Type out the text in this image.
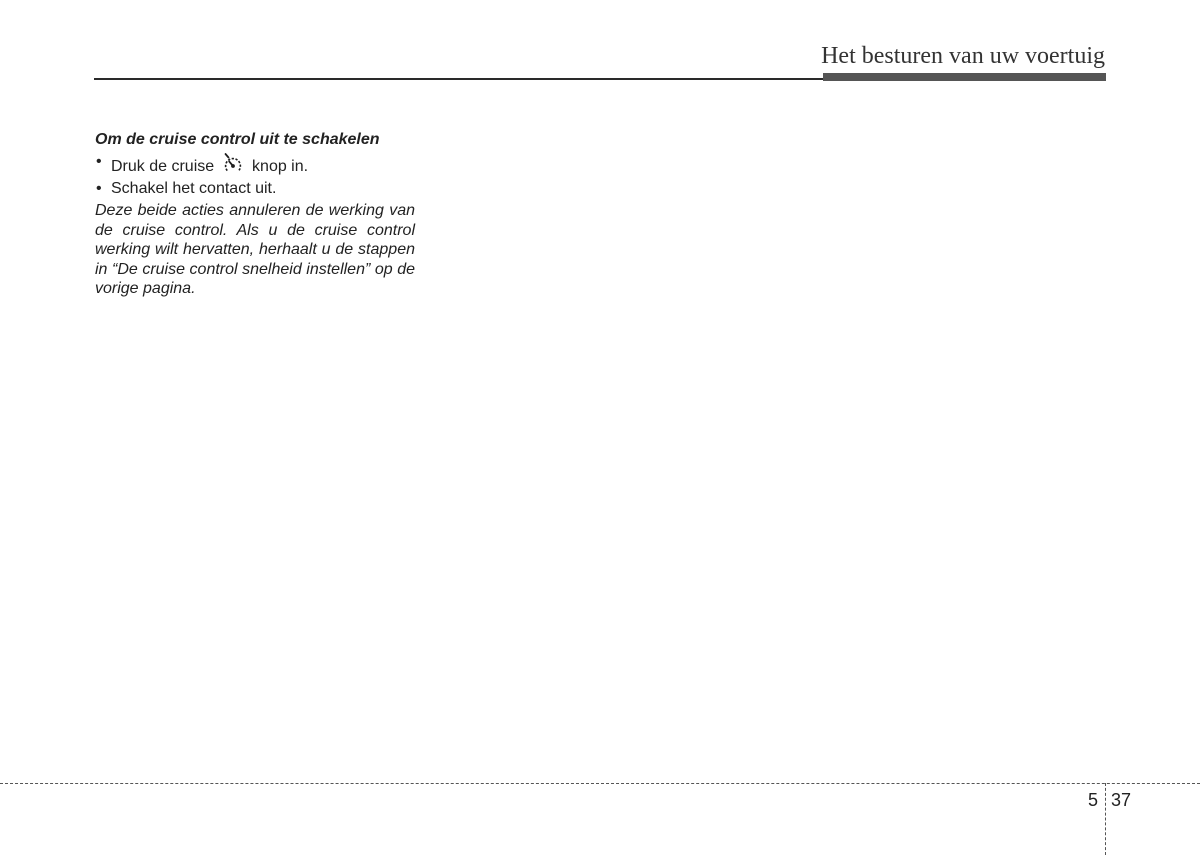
Het besturen van uw voertuig
Om de cruise control uit te schakelen
• Druk de cruise  knop in.
• Schakel het contact uit.
Deze beide acties annuleren de werking van de cruise control. Als u de cruise control werking wilt hervatten, herhaalt u de stappen in “De cruise control snelheid instellen” op de vorige pagina.
5 37
